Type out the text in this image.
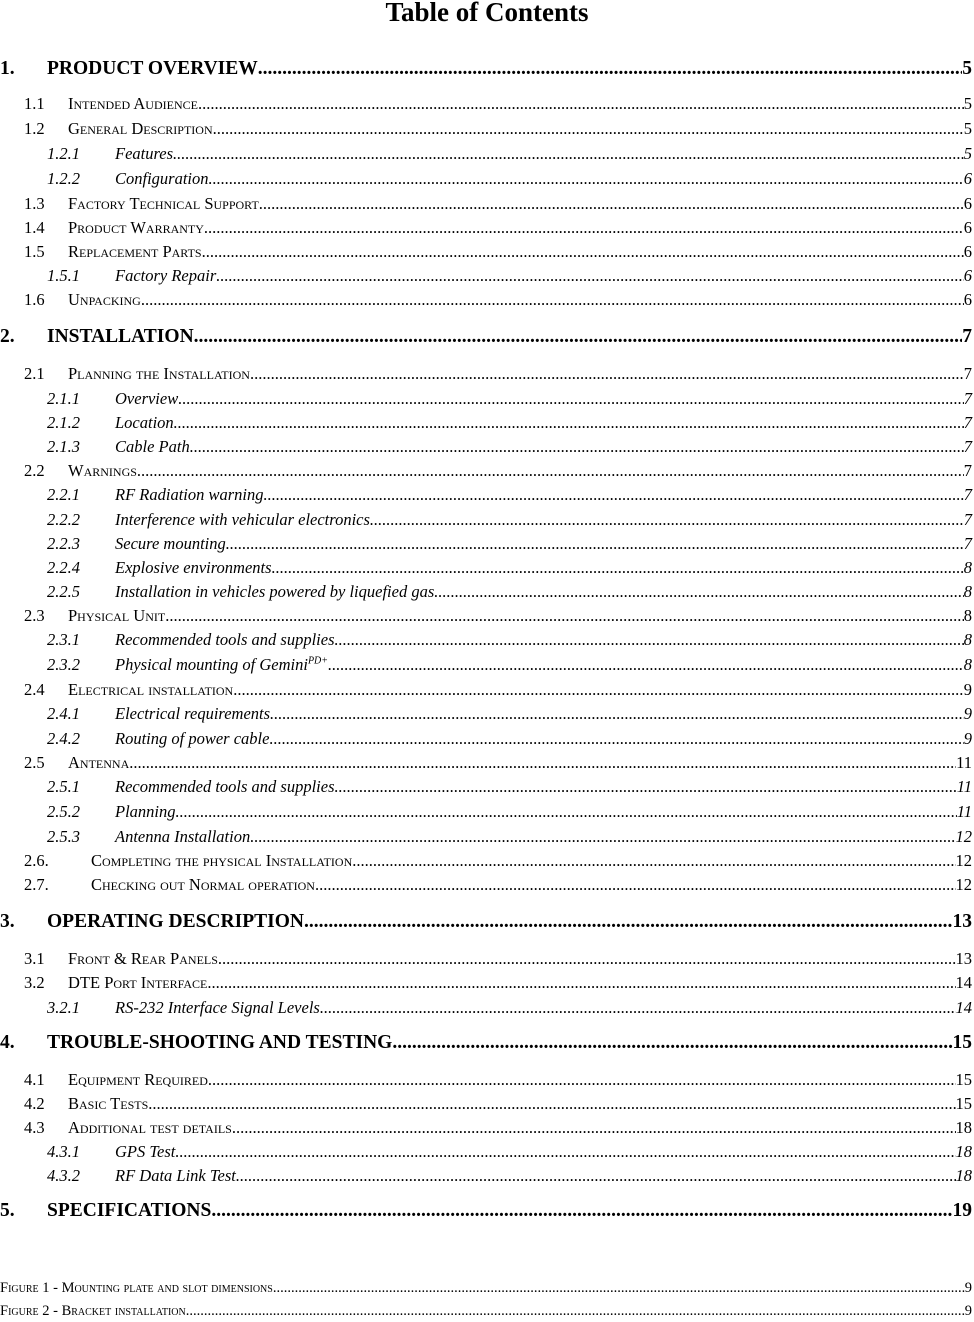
Table of Contents
1.	PRODUCT OVERVIEW .....	5
1.1	Intended Audience .....	5
1.2	General Description .....	5
1.2.1	Features .....	5
1.2.2	Configuration .....	6
1.3	Factory Technical Support .....	6
1.4	Product Warranty .....	6
1.5	Replacement Parts .....	6
1.5.1	Factory Repair .....	6
1.6	Unpacking .....	6
2.	INSTALLATION .....	7
2.1	Planning the Installation .....	7
2.1.1	Overview .....	7
2.1.2	Location .....	7
2.1.3	Cable Path .....	7
2.2	Warnings .....	7
2.2.1	RF Radiation warning .....	7
2.2.2	Interference with vehicular electronics .....	7
2.2.3	Secure mounting .....	7
2.2.4	Explosive environments .....	8
2.2.5	Installation in vehicles powered by liquefied gas. .....	8
2.3	Physical Unit .....	8
2.3.1	Recommended tools and supplies .....	8
2.3.2	Physical mounting of Gemini$^{PD+}$ .....	8
2.4	Electrical installation .....	9
2.4.1	Electrical requirements .....	9
2.4.2	Routing of power cable .....	9
2.5	Antenna .....	11
2.5.1	Recommended tools and supplies .....	11
2.5.2	Planning .....	11
2.5.3	Antenna Installation .....	12
2.6.	Completing the physical Installation. .....	12
2.7.	Checking out Normal operation. .....	12
3.	OPERATING DESCRIPTION .....	13
3.1	Front & Rear Panels .....	13
3.2	DTE Port Interface .....	14
3.2.1	RS-232 Interface Signal Levels .....	14
4.	TROUBLE-SHOOTING AND TESTING .....	15
4.1	Equipment Required .....	15
4.2	Basic Tests .....	15
4.3	Additional test details .....	18
4.3.1	GPS Test .....	18
4.3.2	RF Data Link Test. .....	18
5.	SPECIFICATIONS .....	19
Figure 1 - Mounting plate and slot dimensions .....	9
Figure 2 - Bracket installation .....	9
